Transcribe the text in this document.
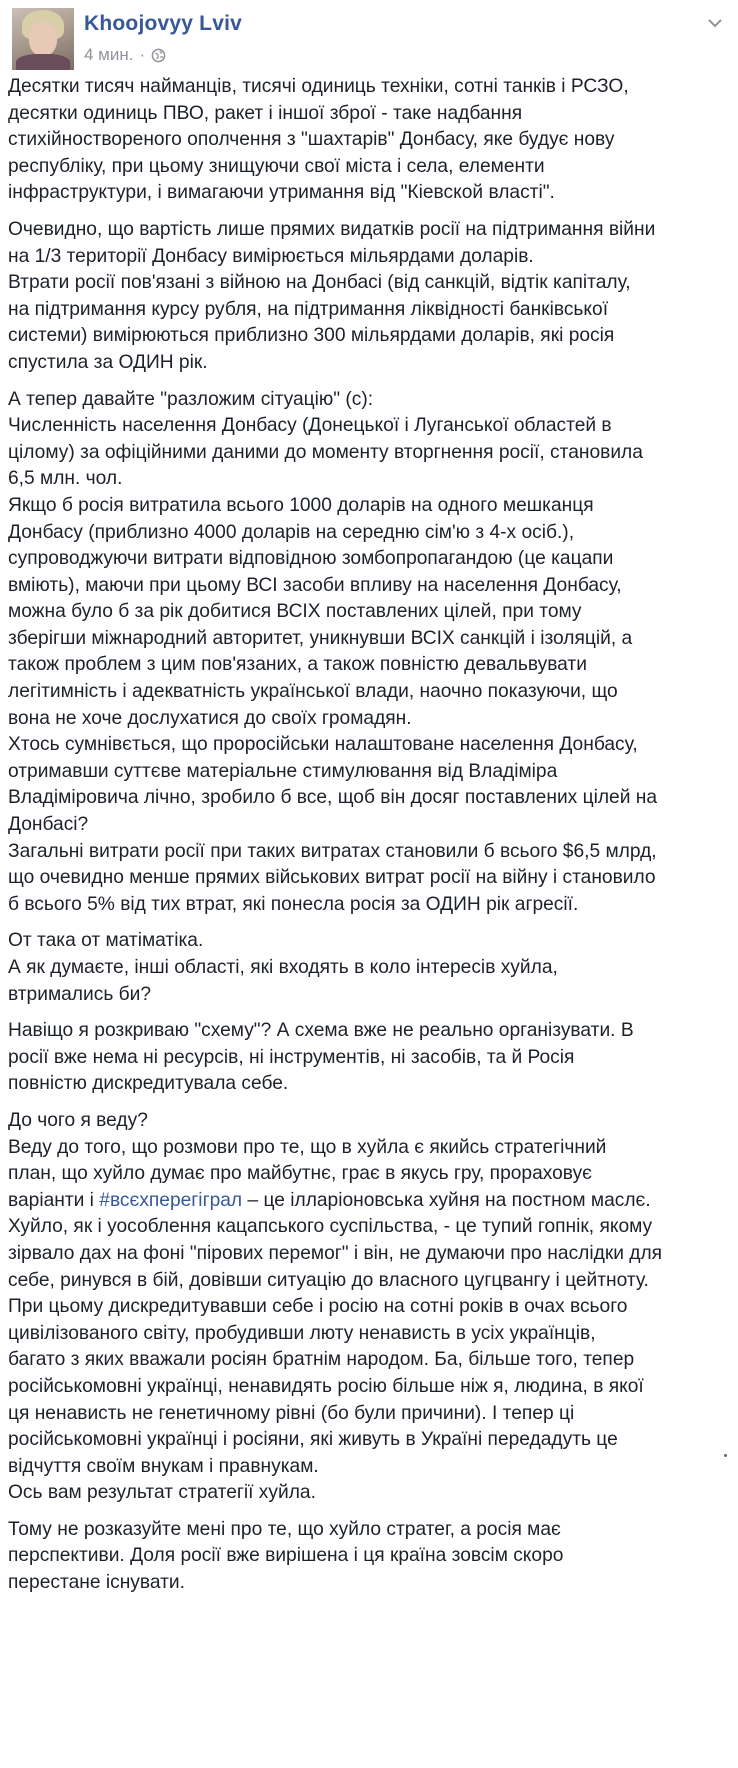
Khoojovyy Lviv
4 мин. ·

Десятки тисяч найманців, тисячі одиниць техніки, сотні танків і РСЗО,
десятки одиниць ПВО, ракет і іншої зброї - таке надбання
стихійноствореного ополчення з "шахтарів" Донбасу, яке будує нову
республіку, при цьому знищуючи свої міста і села, елементи
інфраструктури, і вимагаючи утримання від "Кіевской власті".

Очевидно, що вартість лише прямих видатків росії на підтримання війни
на 1/3 території Донбасу вимірюється мільярдами доларів.
Втрати росії пов'язані з війною на Донбасі (від санкцій, відтік капіталу,
на підтримання курсу рубля, на підтримання ліквідності банківської
системи) вимірюються приблизно 300 мільярдами доларів, які росія
спустила за ОДИН рік.

А тепер давайте "разложим сітуацію" (с):
Численність населення Донбасу (Донецької і Луганської областей в
цілому) за офіційними даними до моменту вторгнення росії, становила
6,5 млн. чол.
Якщо б росія витратила всього 1000 доларів на одного мешканця
Донбасу (приблизно 4000 доларів на середню сім'ю з 4-х осіб.),
супроводжуючи витрати відповідною зомбопропагандою (це кацапи
вміють), маючи при цьому ВСІ засоби впливу на населення Донбасу,
можна було б за рік добитися ВСІХ поставлених цілей, при тому
зберігши міжнародний авторитет, уникнувши ВСІХ санкцій і ізоляцій, а
також проблем з цим пов'язаних, а також повністю девальвувати
легітимність і адекватність української влади, наочно показуючи, що
вона не хоче дослухатися до своїх громадян.
Хтось сумнівється, що проросійськи налаштоване населення Донбасу,
отримавши суттєве матеріальне стимулювання від Владіміра
Владіміровича лічно, зробило б все, щоб він досяг поставлених цілей на
Донбасі?
Загальні витрати росії при таких витратах становили б всього $6,5 млрд,
що очевидно менше прямих військових витрат росії на війну і становило
б всього 5% від тих втрат, які понесла росія за ОДИН рік агресії.

От така от матіматіка.
А як думаєте, інші області, які входять в коло інтересів хуйла,
втримались би?

Навіщо я розкриваю "схему"? А схема вже не реально організувати. В
росії вже нема ні ресурсів, ні інструментів, ні засобів, та й Росія
повністю дискредитувала себе.

До чого я веду?
Веду до того, що розмови про те, що в хуйла є якийсь стратегічний
план, що хуйло думає про майбутнє, грає в якусь гру, прораховує
варіанти і #всєхперегіграл – це ілларіоновська хуйня на постном маслє.
Хуйло, як і уособлення кацапського суспільства, - це тупий гопнік, якому
зірвало дах на фоні "пірових перемог" і він, не думаючи про наслідки для
себе, ринувся в бій, довівши ситуацію до власного цугцвангу і цейтноту.
При цьому дискредитувавши себе і росію на сотні років в очах всього
цивілізованого світу, пробудивши люту ненависть в усіх українців,
багато з яких вважали росіян братнім народом. Ба, більше того, тепер
російськомовні українці, ненавидять росію більше ніж я, людина, в якої
ця ненависть не генетичному рівні (бо були причини). І тепер ці
російськомовні українці і росіяни, які живуть в Україні передадуть це
відчуття своїм внукам і правнукам.
Ось вам результат стратегії хуйла.

Тому не розказуйте мені про те, що хуйло стратег, а росія має
перспективи. Доля росії вже вирішена і ця країна зовсім скоро
перестане існувати.
